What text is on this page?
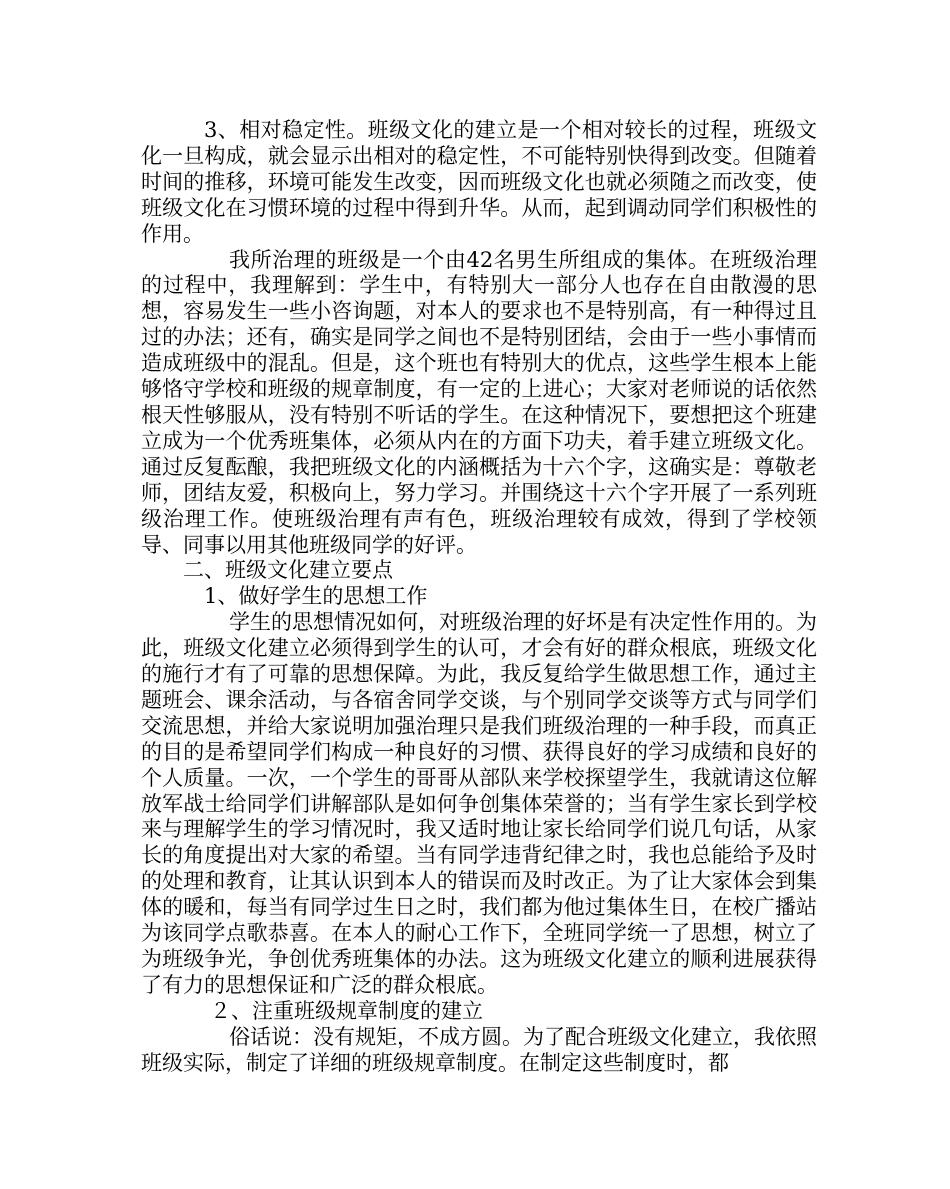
3、相对稳定性。班级文化的建立是一个相对较长的过程，班级文化一旦构成，就会显示出相对的稳定性，不可能特别快得到改变。但随着时间的推移，环境可能发生改变，因而班级文化也就必须随之而改变，使班级文化在习惯环境的过程中得到升华。从而，起到调动同学们积极性的作用。

我所治理的班级是一个由42名男生所组成的集体。在班级治理的过程中，我理解到：学生中，有特别大一部分人也存在自由散漫的思想，容易发生一些小咨询题，对本人的要求也不是特别高，有一种得过且过的办法；还有，确实是同学之间也不是特别团结，会由于一些小事情而造成班级中的混乱。但是，这个班也有特别大的优点，这些学生根本上能够恪守学校和班级的规章制度，有一定的上进心；大家对老师说的话依然根天性够服从，没有特别不听话的学生。在这种情况下，要想把这个班建立成为一个优秀班集体，必须从内在的方面下功夫，着手建立班级文化。通过反复酝酿，我把班级文化的内涵概括为十六个字，这确实是：尊敬老师，团结友爱，积极向上，努力学习。并围绕这十六个字开展了一系列班级治理工作。使班级治理有声有色，班级治理较有成效，得到了学校领导、同事以用其他班级同学的好评。

二、班级文化建立要点

1、做好学生的思想工作

学生的思想情况如何，对班级治理的好坏是有决定性作用的。为此，班级文化建立必须得到学生的认可，才会有好的群众根底，班级文化的施行才有了可靠的思想保障。为此，我反复给学生做思想工作，通过主题班会、课余活动，与各宿舍同学交谈，与个别同学交谈等方式与同学们交流思想，并给大家说明加强治理只是我们班级治理的一种手段，而真正的目的是希望同学们构成一种良好的习惯、获得良好的学习成绩和良好的个人质量。一次，一个学生的哥哥从部队来学校探望学生，我就请这位解放军战士给同学们讲解部队是如何争创集体荣誉的；当有学生家长到学校来与理解学生的学习情况时，我又适时地让家长给同学们说几句话，从家长的角度提出对大家的希望。当有同学违背纪律之时，我也总能给予及时的处理和教育，让其认识到本人的错误而及时改正。为了让大家体会到集体的暖和，每当有同学过生日之时，我们都为他过集体生日，在校广播站为该同学点歌恭喜。在本人的耐心工作下，全班同学统一了思想，树立了为班级争光，争创优秀班集体的办法。这为班级文化建立的顺利进展获得了有力的思想保证和广泛的群众根底。

２、注重班级规章制度的建立

俗话说：没有规矩，不成方圆。为了配合班级文化建立，我依照班级实际，制定了详细的班级规章制度。在制定这些制度时，都
